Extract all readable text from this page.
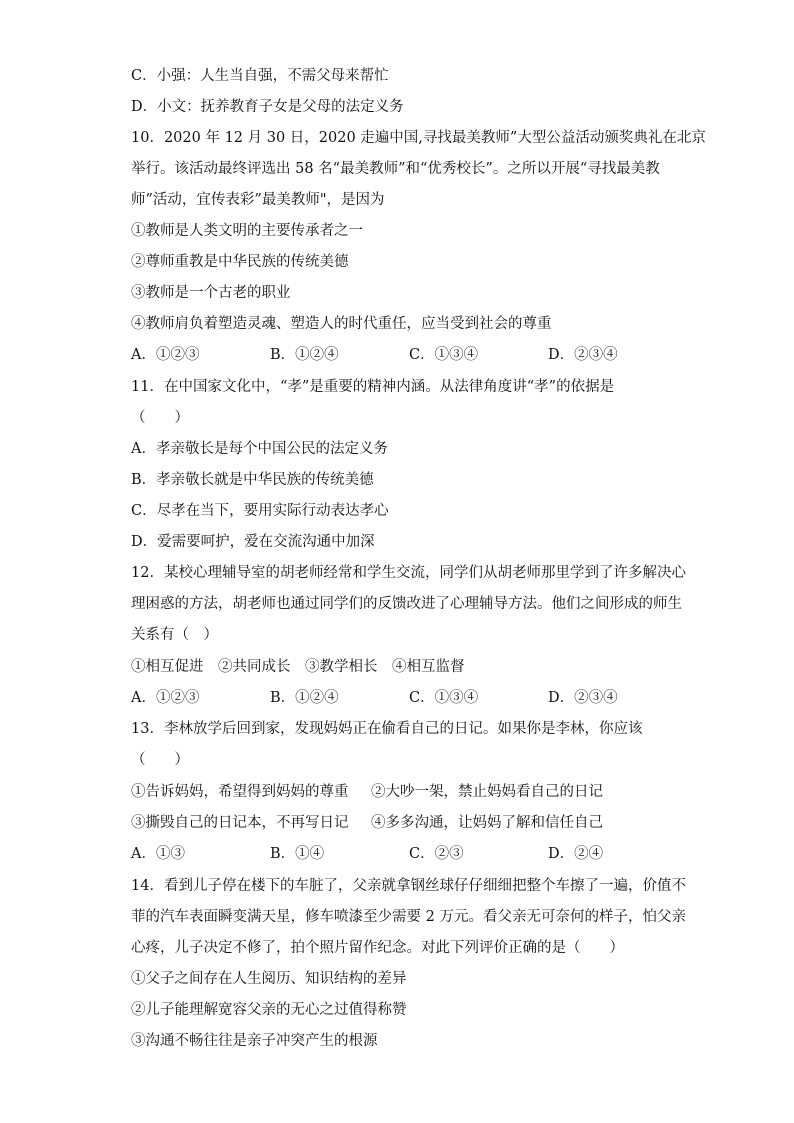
C．小强：人生当自强，不需父母来帮忙
D．小文：抚养教育子女是父母的法定义务
10．2020 年 12 月 30 日，2020 走遍中国,寻找最美教师”大型公益活动颁奖典礼在北京
举行。该活动最终评选出 58 名“最美教师”和“优秀校长”。之所以开展“寻找最美教
师”活动，宜传表彩”最美教师"，是因为
①教师是人类文明的主要传承者之一
②尊师重教是中华民族的传统美德
③教师是一个古老的职业
④教师肩负着塑造灵魂、塑造人的时代重任，应当受到社会的尊重
A．①②③	B．①②④	C．①③④	D．②③④
11．在中国家文化中，“孝”是重要的精神内涵。从法律角度讲“孝”的依据是
（　　）
A．孝亲敬长是每个中国公民的法定义务
B．孝亲敬长就是中华民族的传统美德
C．尽孝在当下，要用实际行动表达孝心
D．爱需要呵护，爱在交流沟通中加深
12．某校心理辅导室的胡老师经常和学生交流，同学们从胡老师那里学到了许多解决心
理困惑的方法，胡老师也通过同学们的反馈改进了心理辅导方法。他们之间形成的师生
关系有（　）
①相互促进　②共同成长　③教学相长　④相互监督
A．①②③	B．①②④	C．①③④	D．②③④
13．李林放学后回到家，发现妈妈正在偷看自己的日记。如果你是李林，你应该
（　　）
①告诉妈妈，希望得到妈妈的尊重 ②大吵一架，禁止妈妈看自己的日记
③撕毁自己的日记本，不再写日记 ④多多沟通，让妈妈了解和信任自己
A．①③	B．①④	C．②③	D．②④
14．看到儿子停在楼下的车脏了，父亲就拿钢丝球仔仔细细把整个车擦了一遍，价值不
菲的汽车表面瞬变满天星，修车喷漆至少需要 2 万元。看父亲无可奈何的样子，怕父亲
心疼，儿子决定不修了，拍个照片留作纪念。对此下列评价正确的是（　　）
①父子之间存在人生阅历、知识结构的差异
②儿子能理解宽容父亲的无心之过值得称赞
③沟通不畅往往是亲子冲突产生的根源
